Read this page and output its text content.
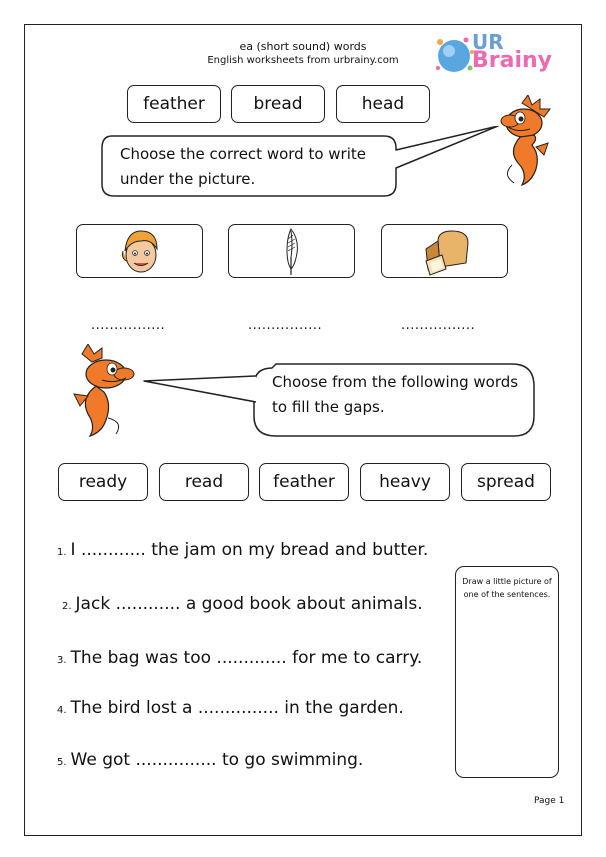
ea (short sound) words
English worksheets from urbrainy.com
UR
Brainy
feather	bread	head
Choose the correct word to write
under the picture.
................	................	................
Choose from the following words
to fill the gaps.
ready	read	feather	heavy	spread
1. I ............ the jam on my bread and butter.
2. Jack ............ a good book about animals.
3. The bag was too ............. for me to carry.
4. The bird lost a ............... in the garden.
5. We got ............... to go swimming.
Draw a little picture of one of the sentences.
Page 1
